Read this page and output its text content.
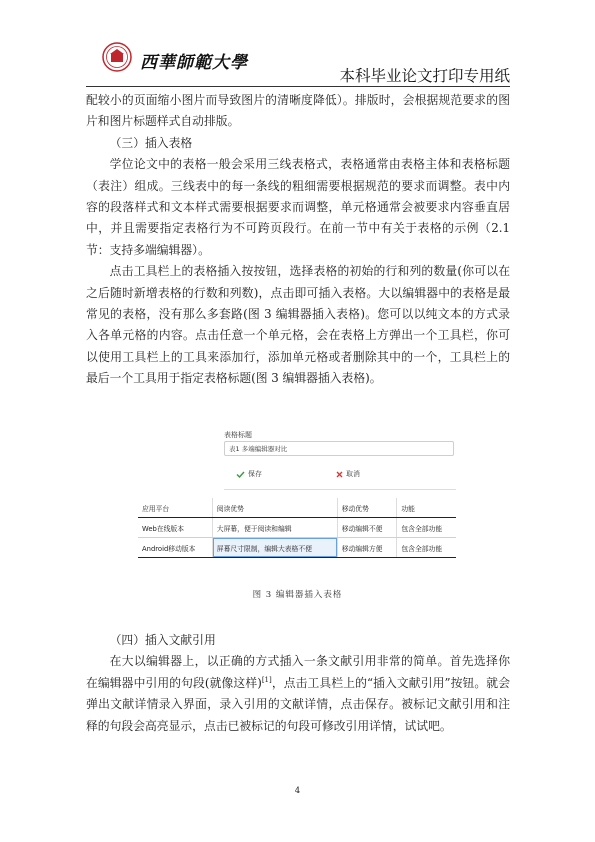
西華師範大學
本科毕业论文打印专用纸

配较小的页面缩小图片而导致图片的清晰度降低）。排版时，会根据规范要求的图片和图片标题样式自动排版。

（三）插入表格

学位论文中的表格一般会采用三线表格式，表格通常由表格主体和表格标题（表注）组成。三线表中的每一条线的粗细需要根据规范的要求而调整。表中内容的段落样式和文本样式需要根据要求而调整，单元格通常会被要求内容垂直居中，并且需要指定表格行为不可跨页段行。在前一节中有关于表格的示例（2.1 节：支持多端编辑器）。

点击工具栏上的表格插入按按钮，选择表格的初始的行和列的数量(你可以在之后随时新增表格的行数和列数)，点击即可插入表格。大以编辑器中的表格是最常见的表格，没有那么多套路(图 3 编辑器插入表格)。您可以以纯文本的方式录入各单元格的内容。点击任意一个单元格，会在表格上方弹出一个工具栏，你可以使用工具栏上的工具来添加行，添加单元格或者删除其中的一个，工具栏上的最后一个工具用于指定表格标题(图 3 编辑器插入表格)。

表格标题
表1 多端编辑器对比
保存	取消
应用平台	阅读优势	移动优势	功能
Web在线版本	大屏幕，便于阅读和编辑	移动编辑不便	包含全部功能
Android移动版本	屏幕尺寸限制，编辑大表格不便	移动编辑方便	包含全部功能
图 3 编辑器插入表格

（四）插入文献引用

在大以编辑器上，以正确的方式插入一条文献引用非常的简单。首先选择你在编辑器中引用的句段(就像这样)[1]，点击工具栏上的“插入文献引用”按钮。就会弹出文献详情录入界面，录入引用的文献详情，点击保存。被标记文献引用和注释的句段会高亮显示，点击已被标记的句段可修改引用详情，试试吧。

4
